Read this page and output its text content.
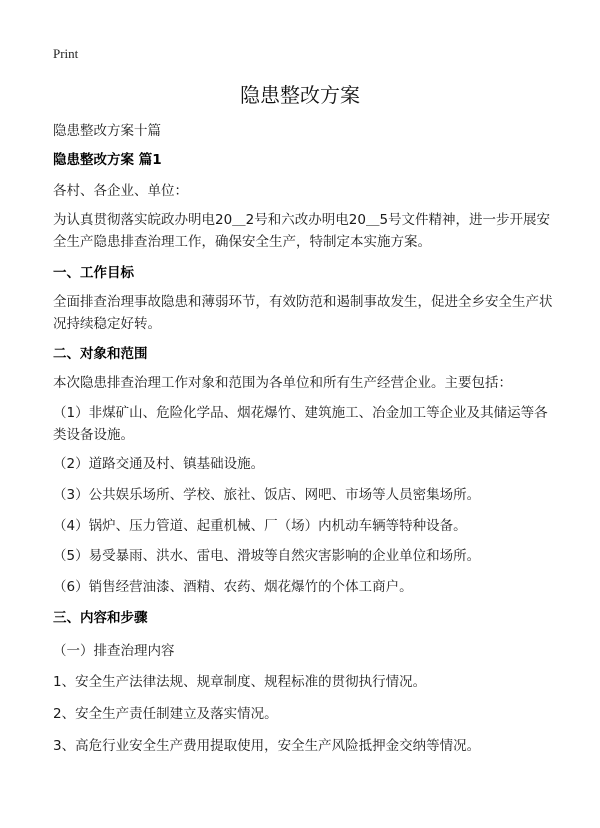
Print
隐患整改方案

隐患整改方案十篇

隐患整改方案 篇1

各村、各企业、单位：

为认真贯彻落实皖政办明电20＿2号和六改办明电20＿5号文件精神，进一步开展安全生产隐患排查治理工作，确保安全生产，特制定本实施方案。

一、工作目标

全面排查治理事故隐患和薄弱环节，有效防范和遏制事故发生，促进全乡安全生产状况持续稳定好转。

二、对象和范围

本次隐患排查治理工作对象和范围为各单位和所有生产经营企业。主要包括：

（1）非煤矿山、危险化学品、烟花爆竹、建筑施工、冶金加工等企业及其储运等各类设备设施。

（2）道路交通及村、镇基础设施。

（3）公共娱乐场所、学校、旅社、饭店、网吧、市场等人员密集场所。

（4）锅炉、压力管道、起重机械、厂（场）内机动车辆等特种设备。

（5）易受暴雨、洪水、雷电、滑坡等自然灾害影响的企业单位和场所。

（6）销售经营油漆、酒精、农药、烟花爆竹的个体工商户。

三、内容和步骤

（一）排查治理内容

1、安全生产法律法规、规章制度、规程标准的贯彻执行情况。

2、安全生产责任制建立及落实情况。

3、高危行业安全生产费用提取使用，安全生产风险抵押金交纳等情况。
